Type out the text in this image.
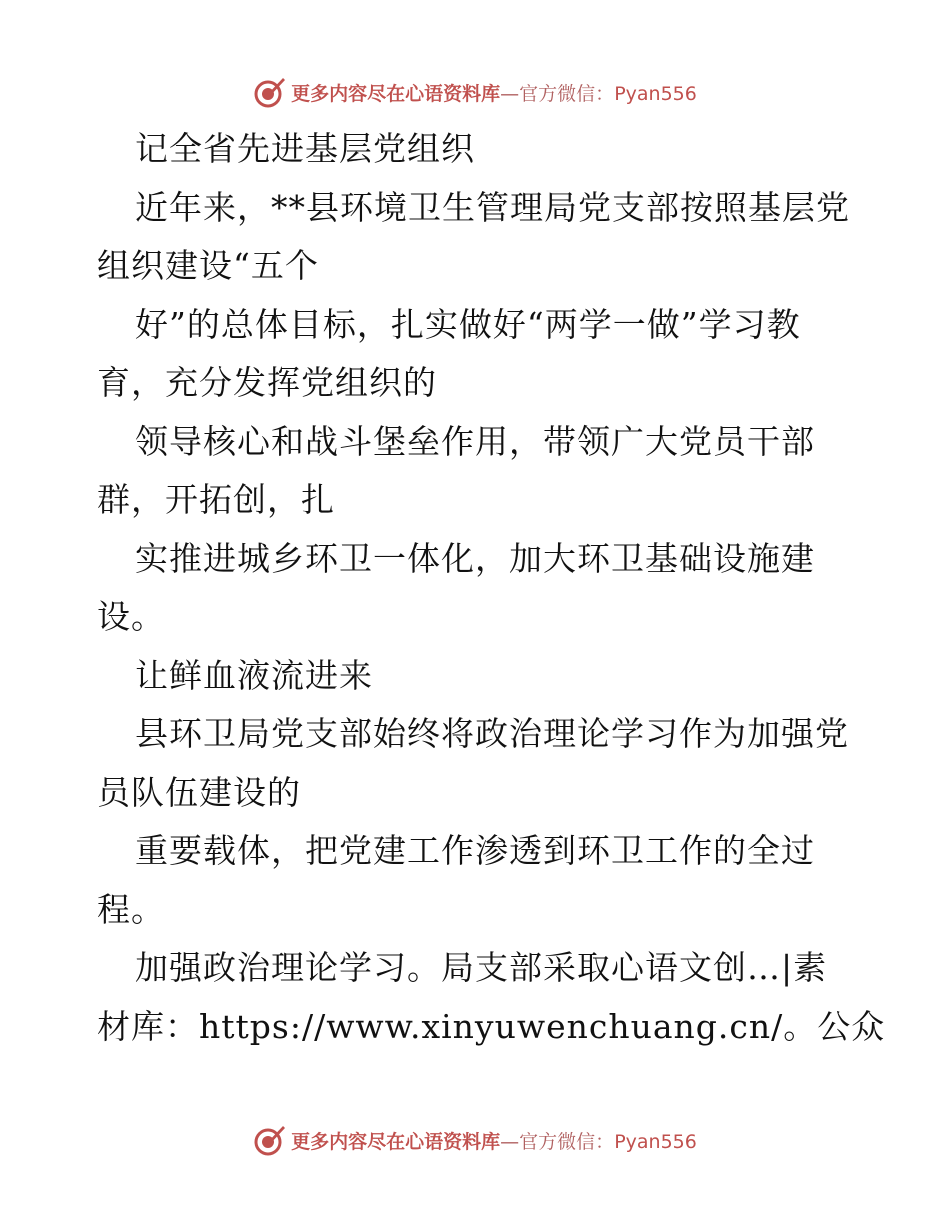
更多内容尽在心语资料库—官方微信：Pyan556
记全省先进基层党组织
近年来，**县环境卫生管理局党支部按照基层党
组织建设“五个
好”的总体目标，扎实做好“两学一做”学习教
育，充分发挥党组织的
领导核心和战斗堡垒作用，带领广大党员干部
群，开拓创，扎
实推进城乡环卫一体化，加大环卫基础设施建
设。
让鲜血液流进来
县环卫局党支部始终将政治理论学习作为加强党
员队伍建设的
重要载体，把党建工作渗透到环卫工作的全过
程。
加强政治理论学习。局支部采取心语文创…|素
材库：https://www.xinyuwenchuang.cn/。公众
更多内容尽在心语资料库—官方微信：Pyan556
